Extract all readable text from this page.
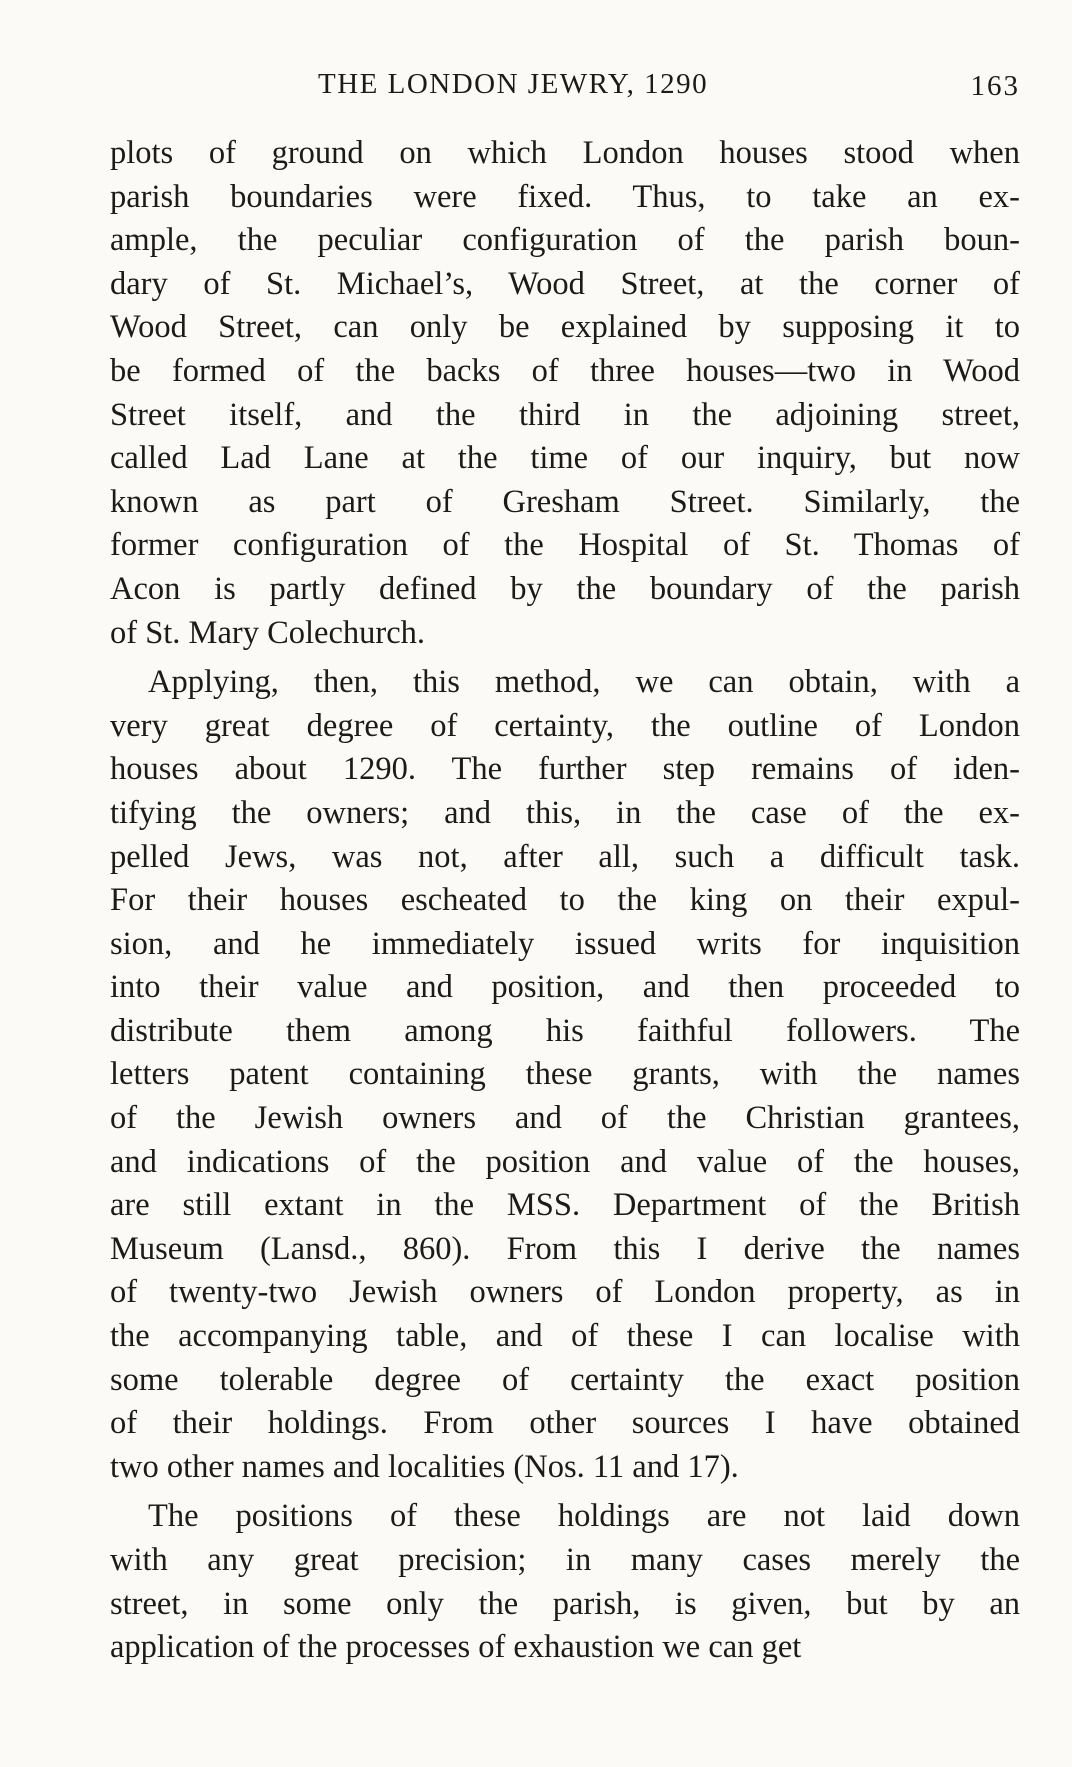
THE LONDON JEWRY, 1290	163
plots of ground on which London houses stood when
parish boundaries were fixed. Thus, to take an ex-
ample, the peculiar configuration of the parish boun-
dary of St. Michael’s, Wood Street, at the corner of
Wood Street, can only be explained by supposing it to
be formed of the backs of three houses—two in Wood
Street itself, and the third in the adjoining street,
called Lad Lane at the time of our inquiry, but now
known as part of Gresham Street. Similarly, the
former configuration of the Hospital of St. Thomas of
Acon is partly defined by the boundary of the parish
of St. Mary Colechurch.
Applying, then, this method, we can obtain, with a
very great degree of certainty, the outline of London
houses about 1290. The further step remains of iden-
tifying the owners; and this, in the case of the ex-
pelled Jews, was not, after all, such a difficult task.
For their houses escheated to the king on their expul-
sion, and he immediately issued writs for inquisition
into their value and position, and then proceeded to
distribute them among his faithful followers. The
letters patent containing these grants, with the names
of the Jewish owners and of the Christian grantees,
and indications of the position and value of the houses,
are still extant in the MSS. Department of the British
Museum (Lansd., 860). From this I derive the names
of twenty-two Jewish owners of London property, as in
the accompanying table, and of these I can localise with
some tolerable degree of certainty the exact position
of their holdings. From other sources I have obtained
two other names and localities (Nos. 11 and 17).
The positions of these holdings are not laid down
with any great precision; in many cases merely the
street, in some only the parish, is given, but by an
application of the processes of exhaustion we can get
